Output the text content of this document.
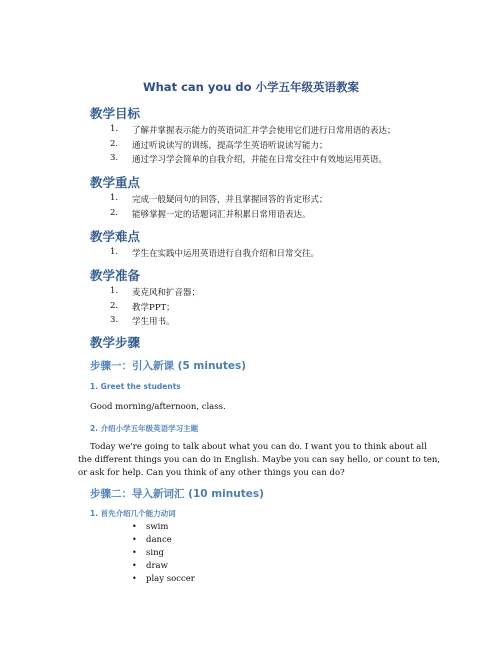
What can you do 小学五年级英语教案
教学目标
1. 了解并掌握表示能力的英语词汇并学会使用它们进行日常用语的表达；
2. 通过听说读写的训练，提高学生英语听说读写能力；
3. 通过学习学会简单的自我介绍，并能在日常交往中有效地运用英语。
教学重点
1. 完成一般疑问句的回答，并且掌握回答的肯定形式；
2. 能够掌握一定的话题词汇并积累日常用语表达。
教学难点
1. 学生在实践中运用英语进行自我介绍和日常交往。
教学准备
1. 麦克风和扩音器；
2. 教学PPT；
3. 学生用书。
教学步骤
步骤一：引入新课 (5 minutes)
1. Greet the students
Good morning/afternoon, class.
2. 介绍小学五年级英语学习主题
Today we're going to talk about what you can do. I want you to think about all
the different things you can do in English. Maybe you can say hello, or count to ten,
or ask for help. Can you think of any other things you can do?
步骤二：导入新词汇 (10 minutes)
1. 首先介绍几个能力动词
• swim
• dance
• sing
• draw
• play soccer
